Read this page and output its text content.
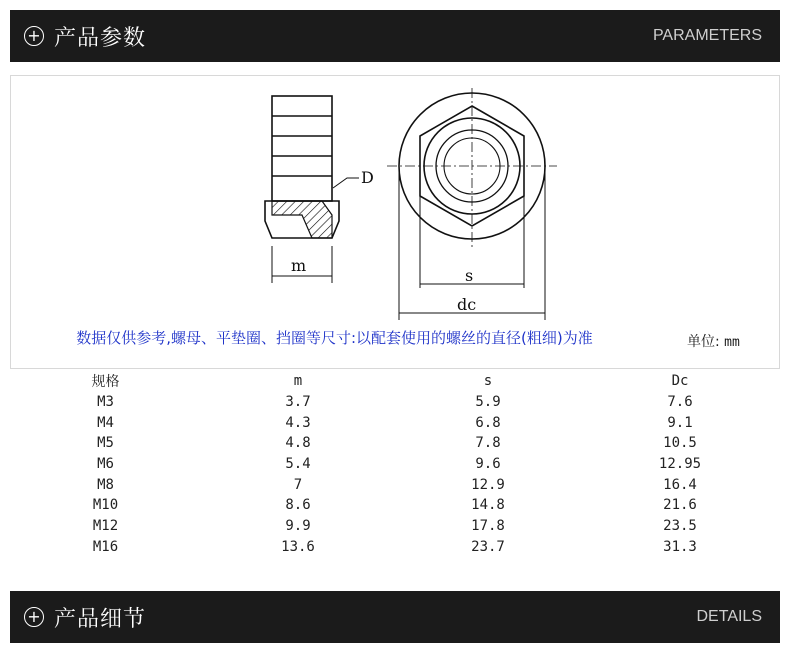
+ 产品参数	PARAMETERS
D
m
s
dc
数据仅供参考,螺母、平垫圈、挡圈等尺寸:以配套使用的螺丝的直径(粗细)为准	单位: mm
规格	m	s	Dc
M3	3.7	5.9	7.6
M4	4.3	6.8	9.1
M5	4.8	7.8	10.5
M6	5.4	9.6	12.95
M8	7	12.9	16.4
M10	8.6	14.8	21.6
M12	9.9	17.8	23.5
M16	13.6	23.7	31.3
+ 产品细节	DETAILS
